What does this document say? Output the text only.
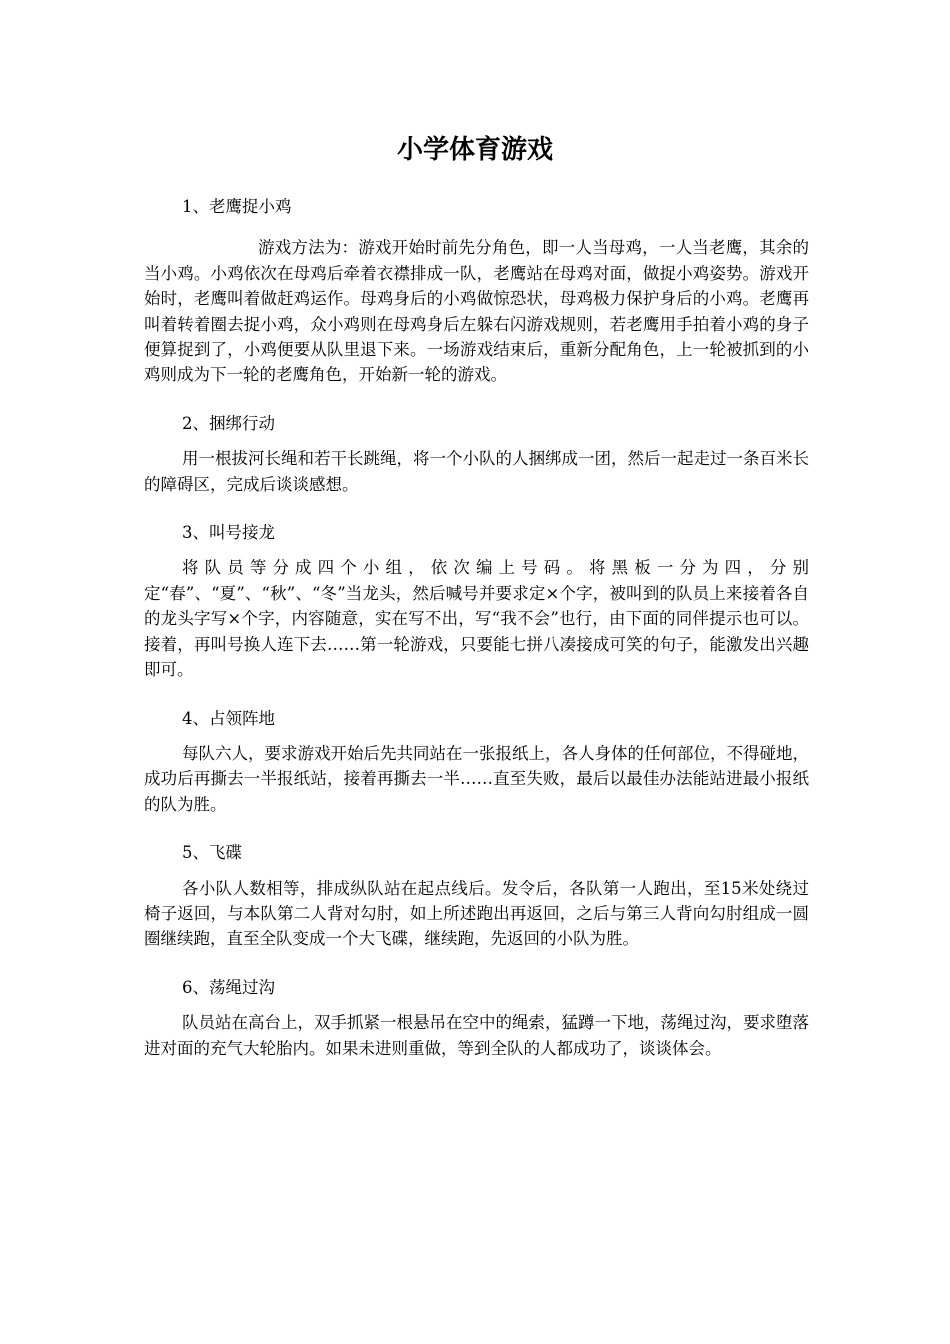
小学体育游戏

1、老鹰捉小鸡

游戏方法为：游戏开始时前先分角色，即一人当母鸡，一人当老鹰，其余的当小鸡。小鸡依次在母鸡后牵着衣襟排成一队，老鹰站在母鸡对面，做捉小鸡姿势。游戏开始时，老鹰叫着做赶鸡运作。母鸡身后的小鸡做惊恐状，母鸡极力保护身后的小鸡。老鹰再叫着转着圈去捉小鸡，众小鸡则在母鸡身后左躲右闪游戏规则，若老鹰用手拍着小鸡的身子便算捉到了，小鸡便要从队里退下来。一场游戏结束后，重新分配角色，上一轮被抓到的小鸡则成为下一轮的老鹰角色，开始新一轮的游戏。

2、捆绑行动

用一根拔河长绳和若干长跳绳，将一个小队的人捆绑成一团，然后一起走过一条百米长的障碍区，完成后谈谈感想。

3、叫号接龙

将队员等分成四个小组，依次编上号码。将黑板一分为四，分别定“春”、“夏”、“秋”、“冬”当龙头，然后喊号并要求定×个字，被叫到的队员上来接着各自的龙头字写×个字，内容随意，实在写不出，写“我不会”也行，由下面的同伴提示也可以。接着，再叫号换人连下去……第一轮游戏，只要能七拼八凑接成可笑的句子，能激发出兴趣即可。

4、占领阵地

每队六人，要求游戏开始后先共同站在一张报纸上，各人身体的任何部位，不得碰地，成功后再撕去一半报纸站，接着再撕去一半……直至失败，最后以最佳办法能站进最小报纸的队为胜。

5、飞碟

各小队人数相等，排成纵队站在起点线后。发令后，各队第一人跑出，至15米处绕过椅子返回，与本队第二人背对勾肘，如上所述跑出再返回，之后与第三人背向勾肘组成一圆圈继续跑，直至全队变成一个大飞碟，继续跑，先返回的小队为胜。

6、荡绳过沟

队员站在高台上，双手抓紧一根悬吊在空中的绳索，猛蹲一下地，荡绳过沟，要求堕落进对面的充气大轮胎内。如果未进则重做，等到全队的人都成功了，谈谈体会。
